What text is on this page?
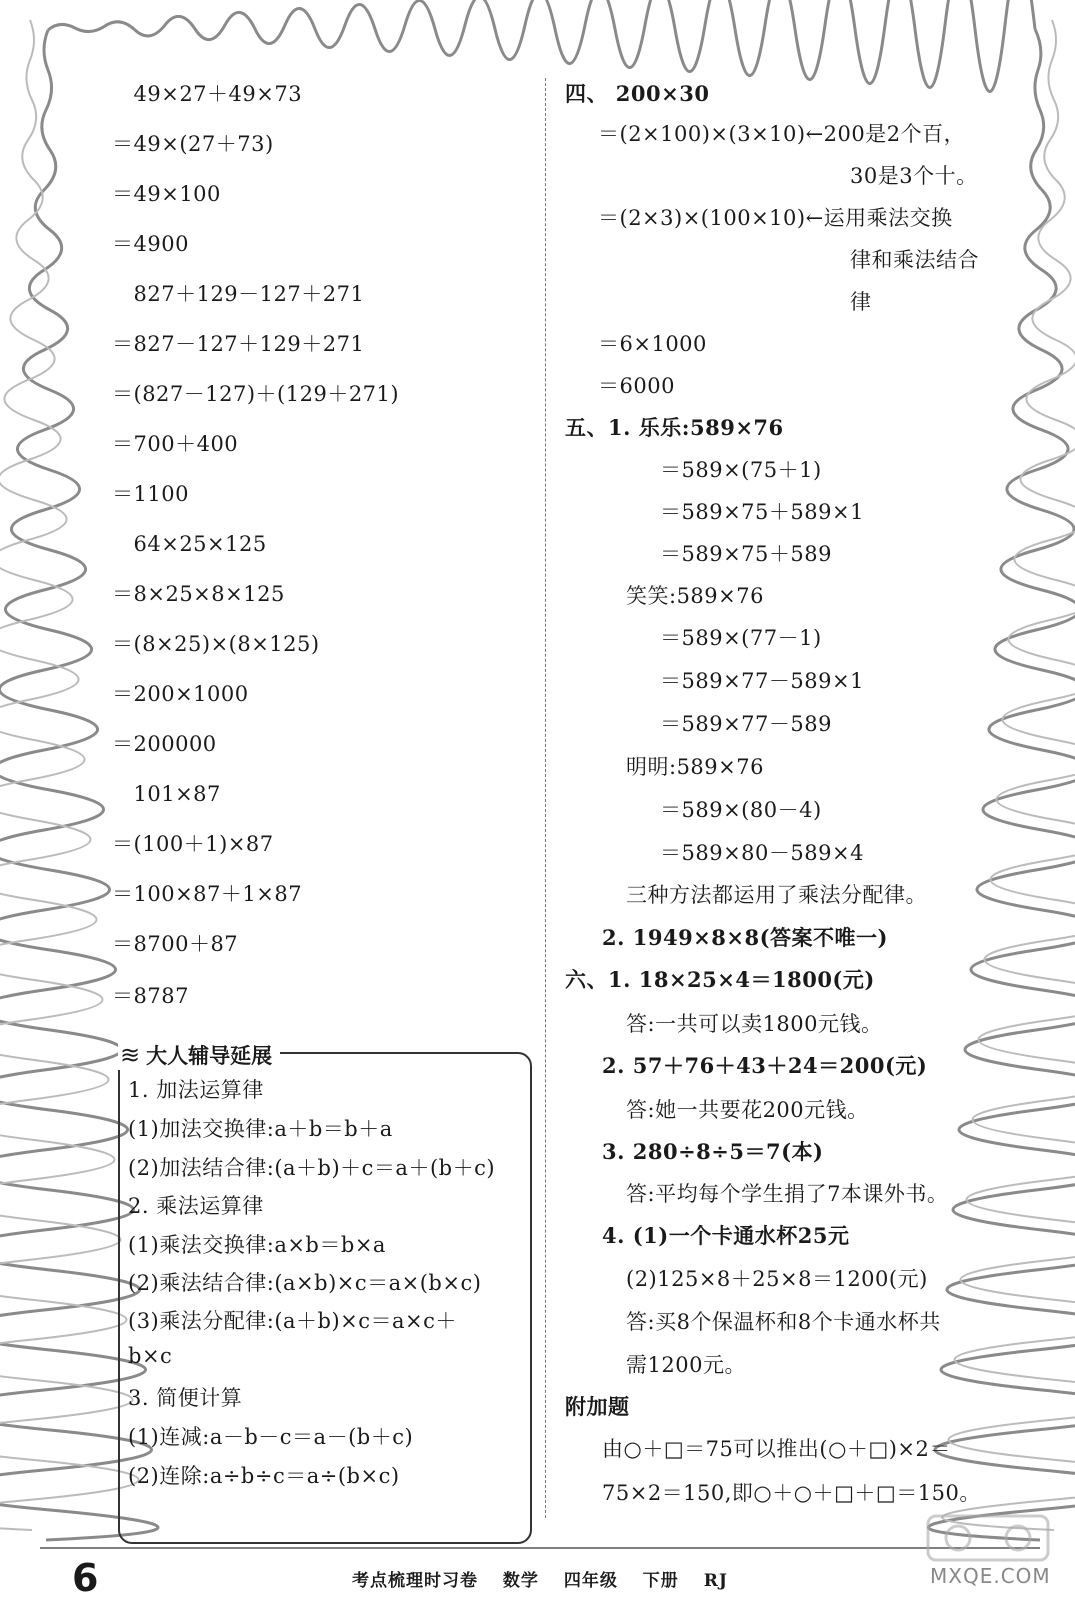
　49×27＋49×73
＝49×(27＋73)
＝49×100
＝4900
　827＋129－127＋271
＝827－127＋129＋271
＝(827－127)＋(129＋271)
＝700＋400
＝1100
　64×25×125
＝8×25×8×125
＝(8×25)×(8×125)
＝200×1000
＝200000
　101×87
＝(100＋1)×87
＝100×87＋1×87
＝8700＋87
＝8787
≋ 大人辅导延展
1. 加法运算律
(1)加法交换律:a＋b＝b＋a
(2)加法结合律:(a＋b)＋c＝a＋(b＋c)
2. 乘法运算律
(1)乘法交换律:a×b＝b×a
(2)乘法结合律:(a×b)×c＝a×(b×c)
(3)乘法分配律:(a＋b)×c＝a×c＋
b×c
3. 简便计算
(1)连减:a－b－c＝a－(b＋c)
(2)连除:a÷b÷c＝a÷(b×c)
四、 200×30
＝(2×100)×(3×10)←200是2个百，
30是3个十。
＝(2×3)×(100×10)←运用乘法交换
律和乘法结合
律
＝6×1000
＝6000
五、1. 乐乐:589×76
＝589×(75＋1)
＝589×75＋589×1
＝589×75＋589
笑笑:589×76
＝589×(77－1)
＝589×77－589×1
＝589×77－589
明明:589×76
＝589×(80－4)
＝589×80－589×4
三种方法都运用了乘法分配律。
2. 1949×8×8(答案不唯一)
六、1. 18×25×4＝1800(元)
答:一共可以卖1800元钱。
2. 57＋76＋43＋24＝200(元)
答:她一共要花200元钱。
3. 280÷8÷5＝7(本)
答:平均每个学生捐了7本课外书。
4. (1)一个卡通水杯25元
(2)125×8＋25×8＝1200(元)
答:买8个保温杯和8个卡通水杯共
需1200元。
附加题
由○＋□＝75可以推出(○＋□)×2＝
75×2＝150,即○＋○＋□＋□＝150。
6	考点梳理时习卷 数学 四年级 下册 RJ	MXQE.COM
